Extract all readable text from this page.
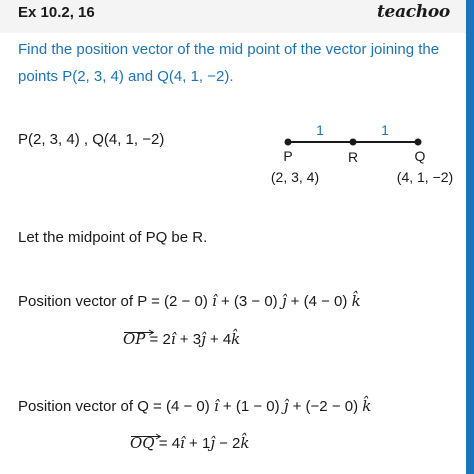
Ex 10.2, 16	teachoo
Find the position vector of the mid point of the vector joining the
points P(2, 3, 4) and Q(4, 1, −2).
P(2, 3, 4) , Q(4, 1, −2)
1	1
P	R	Q
(2, 3, 4)	(4, 1, −2)
Let the midpoint of PQ be R.
Position vector of P = (2 − 0) î + (3 − 0) ĵ + (4 − 0) k̂
OP = 2î + 3ĵ + 4k̂
Position vector of Q = (4 − 0) î + (1 − 0) ĵ + (−2 − 0) k̂
OQ = 4î + 1ĵ − 2k̂
